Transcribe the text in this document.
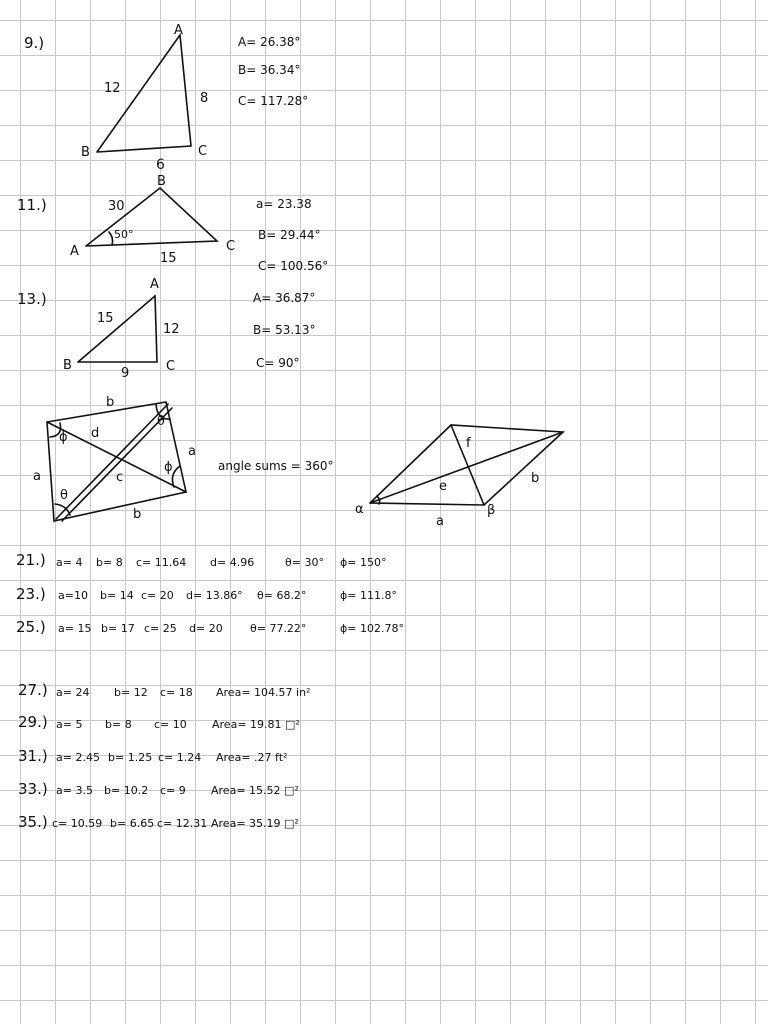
9.)
A
B	C
12
8
6
A= 26.38°
B= 36.34°
C= 117.28°
11.)
B
A	C
30
15
50°
a= 23.38
B= 29.44°
C= 100.56°
13.)
A
B	C
15
12
9
A= 36.87°
B= 53.13°
C= 90°
b
b
a
a
d
c
ϕ
θ
ϕ
θ
angle sums = 360°
α	β
a
b
e
f
21.) a= 4 b= 8 c= 11.64 d= 4.96	θ= 30° ϕ= 150°
23.) a=10 b= 14 c= 20 d= 13.86° θ= 68.2°	ϕ= 111.8°
25.) a= 15 b= 17 c= 25 d= 20 θ= 77.22°	ϕ= 102.78°
27.) a= 24 b= 12 c= 18 Area= 104.57 in²
29.) a= 5 b= 8 c= 10 Area= 19.81 □²
31.) a= 2.45 b= 1.25 c= 1.24 Area= .27 ft²
33.) a= 3.5 b= 10.2 c= 9 Area= 15.52 □²
35.) c= 10.59 b= 6.65 c= 12.31 Area= 35.19 □²
